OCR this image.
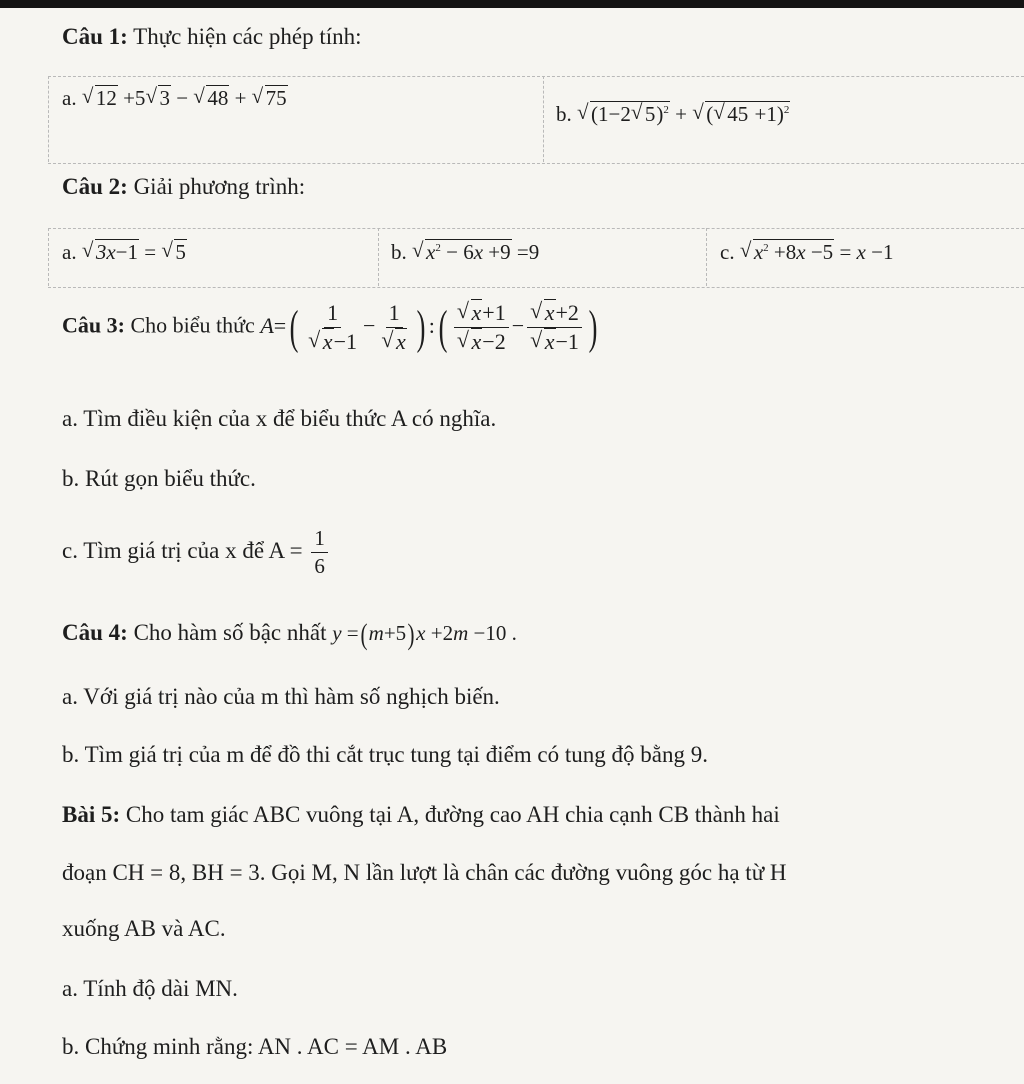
Câu 1: Thực hiện các phép tính:
a. √ 12 +5 √ 3 − √ 48 + √ 75
b. √ (1−2 √ 5)$^2$ + √ ( √ 45 +1)$^2$
Câu 2: Giải phương trình:
a. √ 3x−1 = √ 5	b. √ $x^2 - 6x +9 =9$	c. √ $x^2 +8x -5 = x -1$
Câu 3: Cho biểu thức A=( 1
√ x−1 − 1
√ x ) :( √ x+1
√ x−2 − √ x+2
√ x−1 )
a. Tìm điều kiện của x để biểu thức A có nghĩa.
b. Rút gọn biểu thức.
c. Tìm giá trị của x để $A = \frac{1}{6}$
Câu 4: Cho hàm số bậc nhất y =(m+5)x +2m −10 .
a. Với giá trị nào của m thì hàm số nghịch biến.
b. Tìm giá trị của m để đồ thi cắt trục tung tại điểm có tung độ bằng 9.
Bài 5: Cho tam giác ABC vuông tại A, đường cao AH chia cạnh CB thành hai
đoạn CH = 8, BH = 3. Gọi M, N lần lượt là chân các đường vuông góc hạ từ H
xuống AB và AC.
a. Tính độ dài MN.
b. Chứng minh rằng: AN . AC = AM . AB
